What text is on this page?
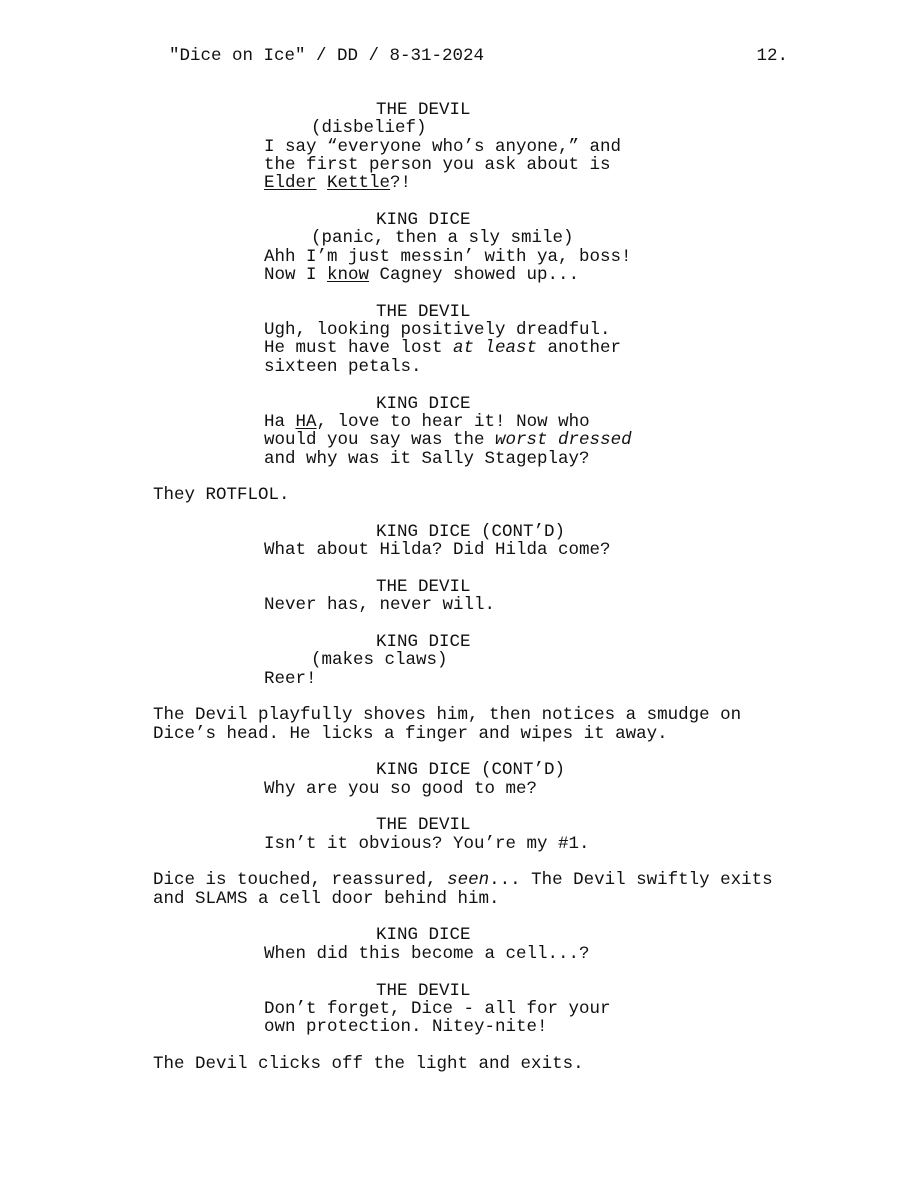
"Dice on Ice" / DD / 8-31-2024	12.
THE DEVIL
(disbelief)
I say “everyone who’s anyone,” and
the first person you ask about is
Elder Kettle?!
KING DICE
(panic, then a sly smile)
Ahh I’m just messin’ with ya, boss!
Now I know Cagney showed up...
THE DEVIL
Ugh, looking positively dreadful.
He must have lost at least another
sixteen petals.
KING DICE
Ha HA, love to hear it! Now who
would you say was the worst dressed
and why was it Sally Stageplay?
They ROTFLOL.
KING DICE (CONT’D)
What about Hilda? Did Hilda come?
THE DEVIL
Never has, never will.
KING DICE
(makes claws)
Reer!
The Devil playfully shoves him, then notices a smudge on
Dice’s head. He licks a finger and wipes it away.
KING DICE (CONT’D)
Why are you so good to me?
THE DEVIL
Isn’t it obvious? You’re my #1.
Dice is touched, reassured, seen... The Devil swiftly exits
and SLAMS a cell door behind him.
KING DICE
When did this become a cell...?
THE DEVIL
Don’t forget, Dice - all for your
own protection. Nitey-nite!
The Devil clicks off the light and exits.
